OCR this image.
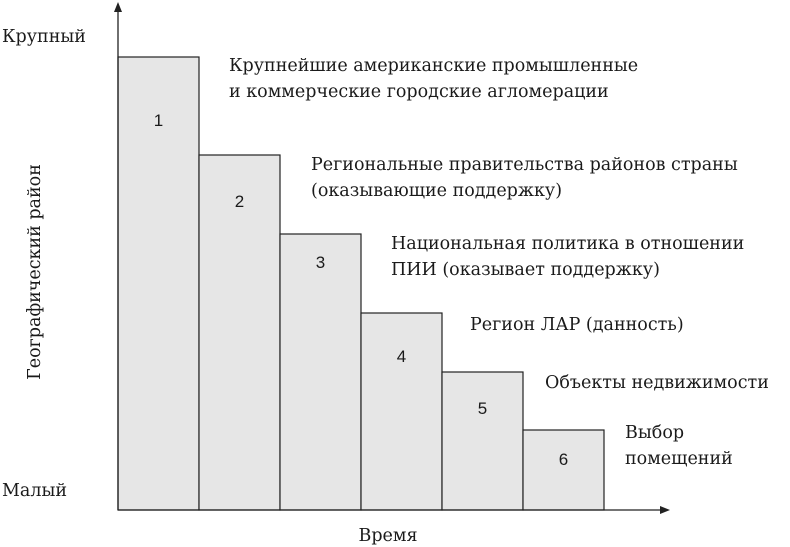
Крупный
Малый
Географический район
Время
1
Крупнейшие американские промышленные
и коммерческие городские агломерации
2
Региональные правительства районов страны
(оказывающие поддержку)
3
Национальная политика в отношении
ПИИ (оказывает поддержку)
4
Регион ЛАР (данность)
5
Объекты недвижимости
6
Выбор
помещений
